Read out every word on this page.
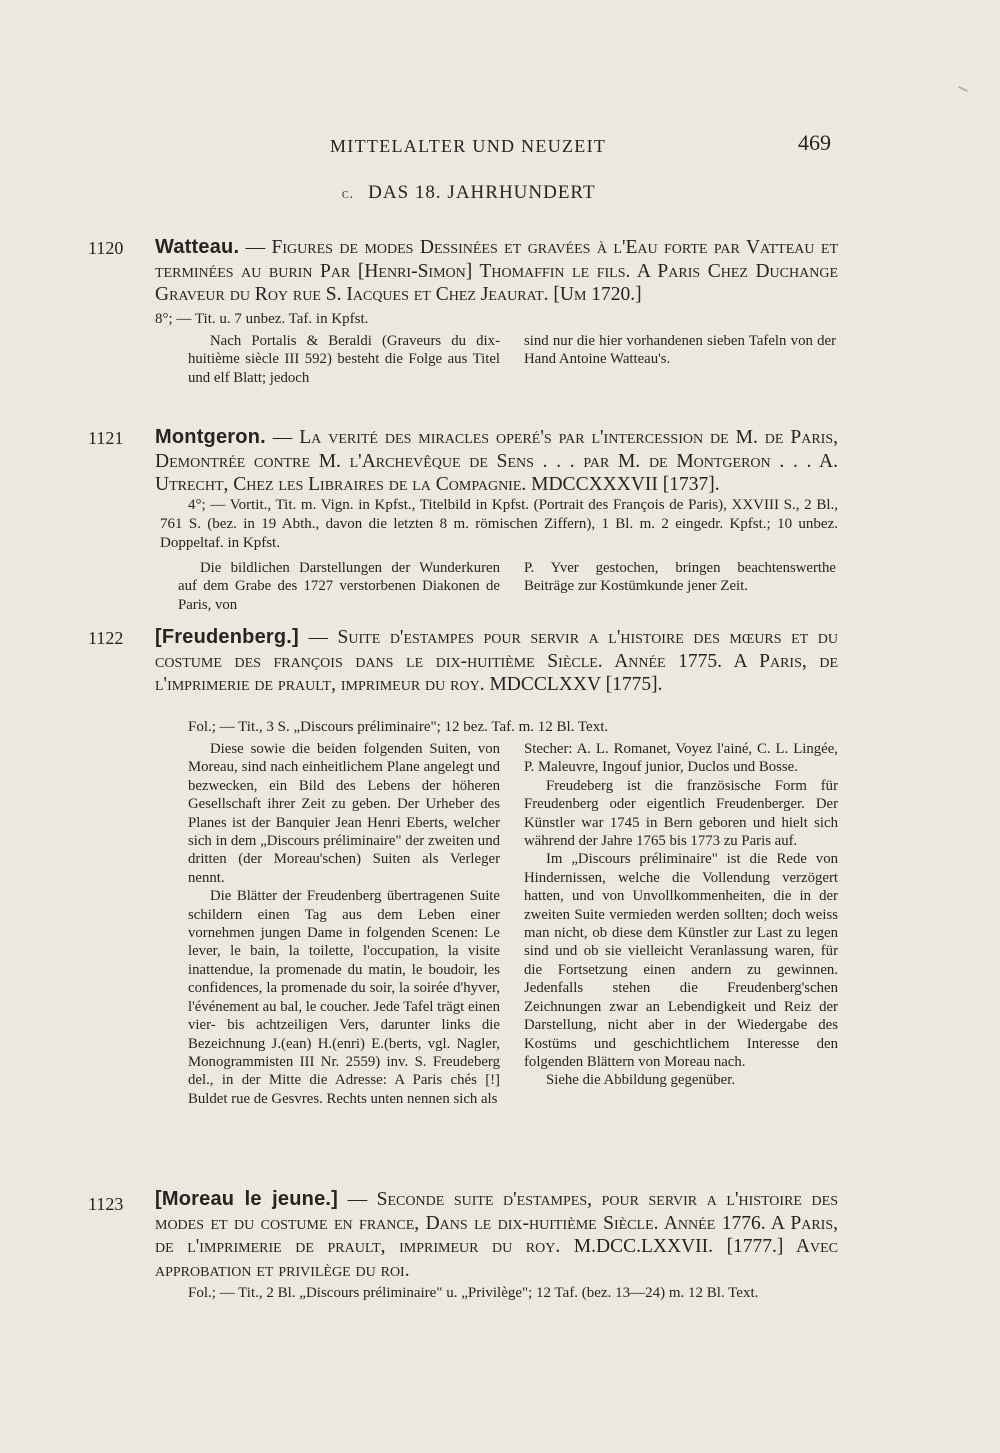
MITTELALTER UND NEUZEIT	469
c. DAS 18. JAHRHUNDERT
1120 Watteau. — Figures de modes Dessinées et gravées à l'Eau forte par Vatteau et terminées au burin Par [Henri-Simon] Thomaffin le fils. A Paris Chez Duchange Graveur du Roy rue S. Iacques et Chez Jeaurat. [Um 1720.]
8°; — Tit. u. 7 unbez. Taf. in Kpfst.
Nach Portalis & Beraldi (Graveurs du dix-huitième siècle III 592) besteht die Folge aus Titel und elf Blatt; jedoch
sind nur die hier vorhandenen sieben Tafeln von der Hand Antoine Watteau's.
1121 Montgeron. — La verité des miracles operé's par l'intercession de M. de Paris, Demontrée contre M. l'Archevêque de Sens . . . par M. de Montgeron . . . A. Utrecht, Chez les Libraires de la Compagnie. MDCCXXXVII [1737].
4°; — Vortit., Tit. m. Vign. in Kpfst., Titelbild in Kpfst. (Portrait des François de Paris), XXVIII S., 2 Bl., 761 S. (bez. in 19 Abth., davon die letzten 8 m. römischen Ziffern), 1 Bl. m. 2 eingedr. Kpfst.; 10 unbez. Doppeltaf. in Kpfst.
Die bildlichen Darstellungen der Wunderkuren auf dem Grabe des 1727 verstorbenen Diakonen de Paris, von
P. Yver gestochen, bringen beachtenswerthe Beiträge zur Kostümkunde jener Zeit.
1122 [Freudenberg.] — Suite d'estampes pour servir a l'histoire des mœurs et du costume des françois dans le dix-huitième Siècle. Année 1775. A Paris, de l'imprimerie de prault, imprimeur du roy. MDCCLXXV [1775].
Fol.; — Tit., 3 S. „Discours préliminaire"; 12 bez. Taf. m. 12 Bl. Text.

Diese sowie die beiden folgenden Suiten, von Moreau, sind nach einheitlichem Plane angelegt und bezwecken, ein Bild des Lebens der höheren Gesellschaft ihrer Zeit zu geben. Der Urheber des Planes ist der Banquier Jean Henri Eberts, welcher sich in dem „Discours préliminaire" der zweiten und dritten (der Moreau'schen) Suiten als Verleger nennt.

Die Blätter der Freudenberg übertragenen Suite schildern einen Tag aus dem Leben einer vornehmen jungen Dame in folgenden Scenen: Le lever, le bain, la toilette, l'occupation, la visite inattendue, la promenade du matin, le boudoir, les confidences, la promenade du soir, la soirée d'hyver, l'événement au bal, le coucher. Jede Tafel trägt einen vier- bis achtzeiligen Vers, darunter links die Bezeichnung J.(ean) H.(enri) E.(berts, vgl. Nagler, Monogrammisten III Nr. 2559) inv. S. Freudeberg del., in der Mitte die Adresse: A Paris chés [!] Buldet rue de Gesvres. Rechts unten nennen sich als

Stecher: A. L. Romanet, Voyez l'ainé, C. L. Lingée, P. Maleuvre, Ingouf junior, Duclos und Bosse.

Freudeberg ist die französische Form für Freudenberg oder eigentlich Freudenberger. Der Künstler war 1745 in Bern geboren und hielt sich während der Jahre 1765 bis 1773 zu Paris auf.

Im „Discours préliminaire" ist die Rede von Hindernissen, welche die Vollendung verzögert hatten, und von Unvollkommenheiten, die in der zweiten Suite vermieden werden sollten; doch weiss man nicht, ob diese dem Künstler zur Last zu legen sind und ob sie vielleicht Veranlassung waren, für die Fortsetzung einen andern zu gewinnen. Jedenfalls stehen die Freudenberg'schen Zeichnungen zwar an Lebendigkeit und Reiz der Darstellung, nicht aber in der Wiedergabe des Kostüms und geschichtlichem Interesse den folgenden Blättern von Moreau nach.

Siehe die Abbildung gegenüber.

1123 [Moreau le jeune.] — Seconde suite d'estampes, pour servir a l'histoire des modes et du costume en france, Dans le dix-huitième Siècle. Année 1776. A Paris, de l'imprimerie de prault, imprimeur du roy. M.DCC.LXXVII. [1777.] Avec approbation et privilège du roi.
Fol.; — Tit., 2 Bl. „Discours préliminaire" u. „Privilège"; 12 Taf. (bez. 13—24) m. 12 Bl. Text.
